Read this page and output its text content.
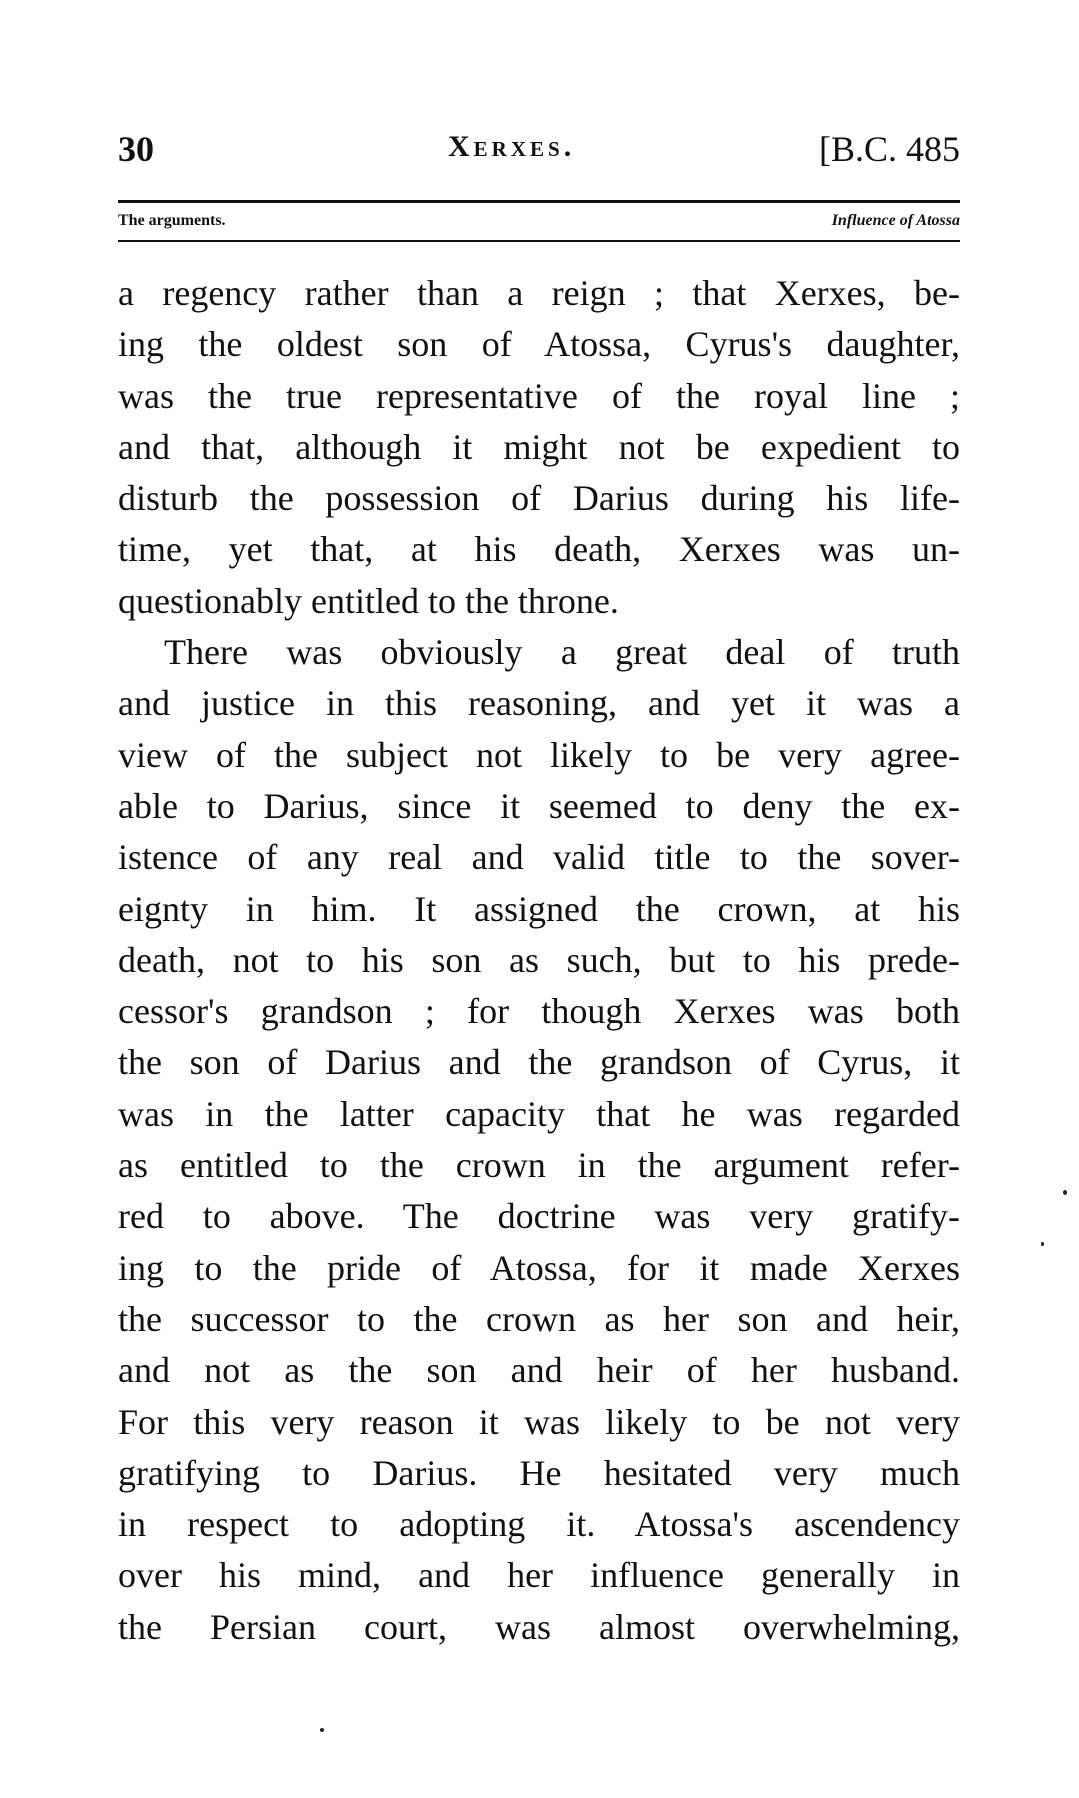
30	Xerxes.	[B.C. 485
The arguments.	Influence of Atossa
a regency rather than a reign ; that Xerxes, be-
ing the oldest son of Atossa, Cyrus's daughter,
was the true representative of the royal line ;
and that, although it might not be expedient to
disturb the possession of Darius during his life-
time, yet that, at his death, Xerxes was un-
questionably entitled to the throne.
There was obviously a great deal of truth
and justice in this reasoning, and yet it was a
view of the subject not likely to be very agree-
able to Darius, since it seemed to deny the ex-
istence of any real and valid title to the sover-
eignty in him. It assigned the crown, at his
death, not to his son as such, but to his prede-
cessor's grandson ; for though Xerxes was both
the son of Darius and the grandson of Cyrus, it
was in the latter capacity that he was regarded
as entitled to the crown in the argument refer-
red to above. The doctrine was very gratify-
ing to the pride of Atossa, for it made Xerxes
the successor to the crown as her son and heir,
and not as the son and heir of her husband.
For this very reason it was likely to be not very
gratifying to Darius. He hesitated very much
in respect to adopting it. Atossa's ascendency
over his mind, and her influence generally in
the Persian court, was almost overwhelming,
